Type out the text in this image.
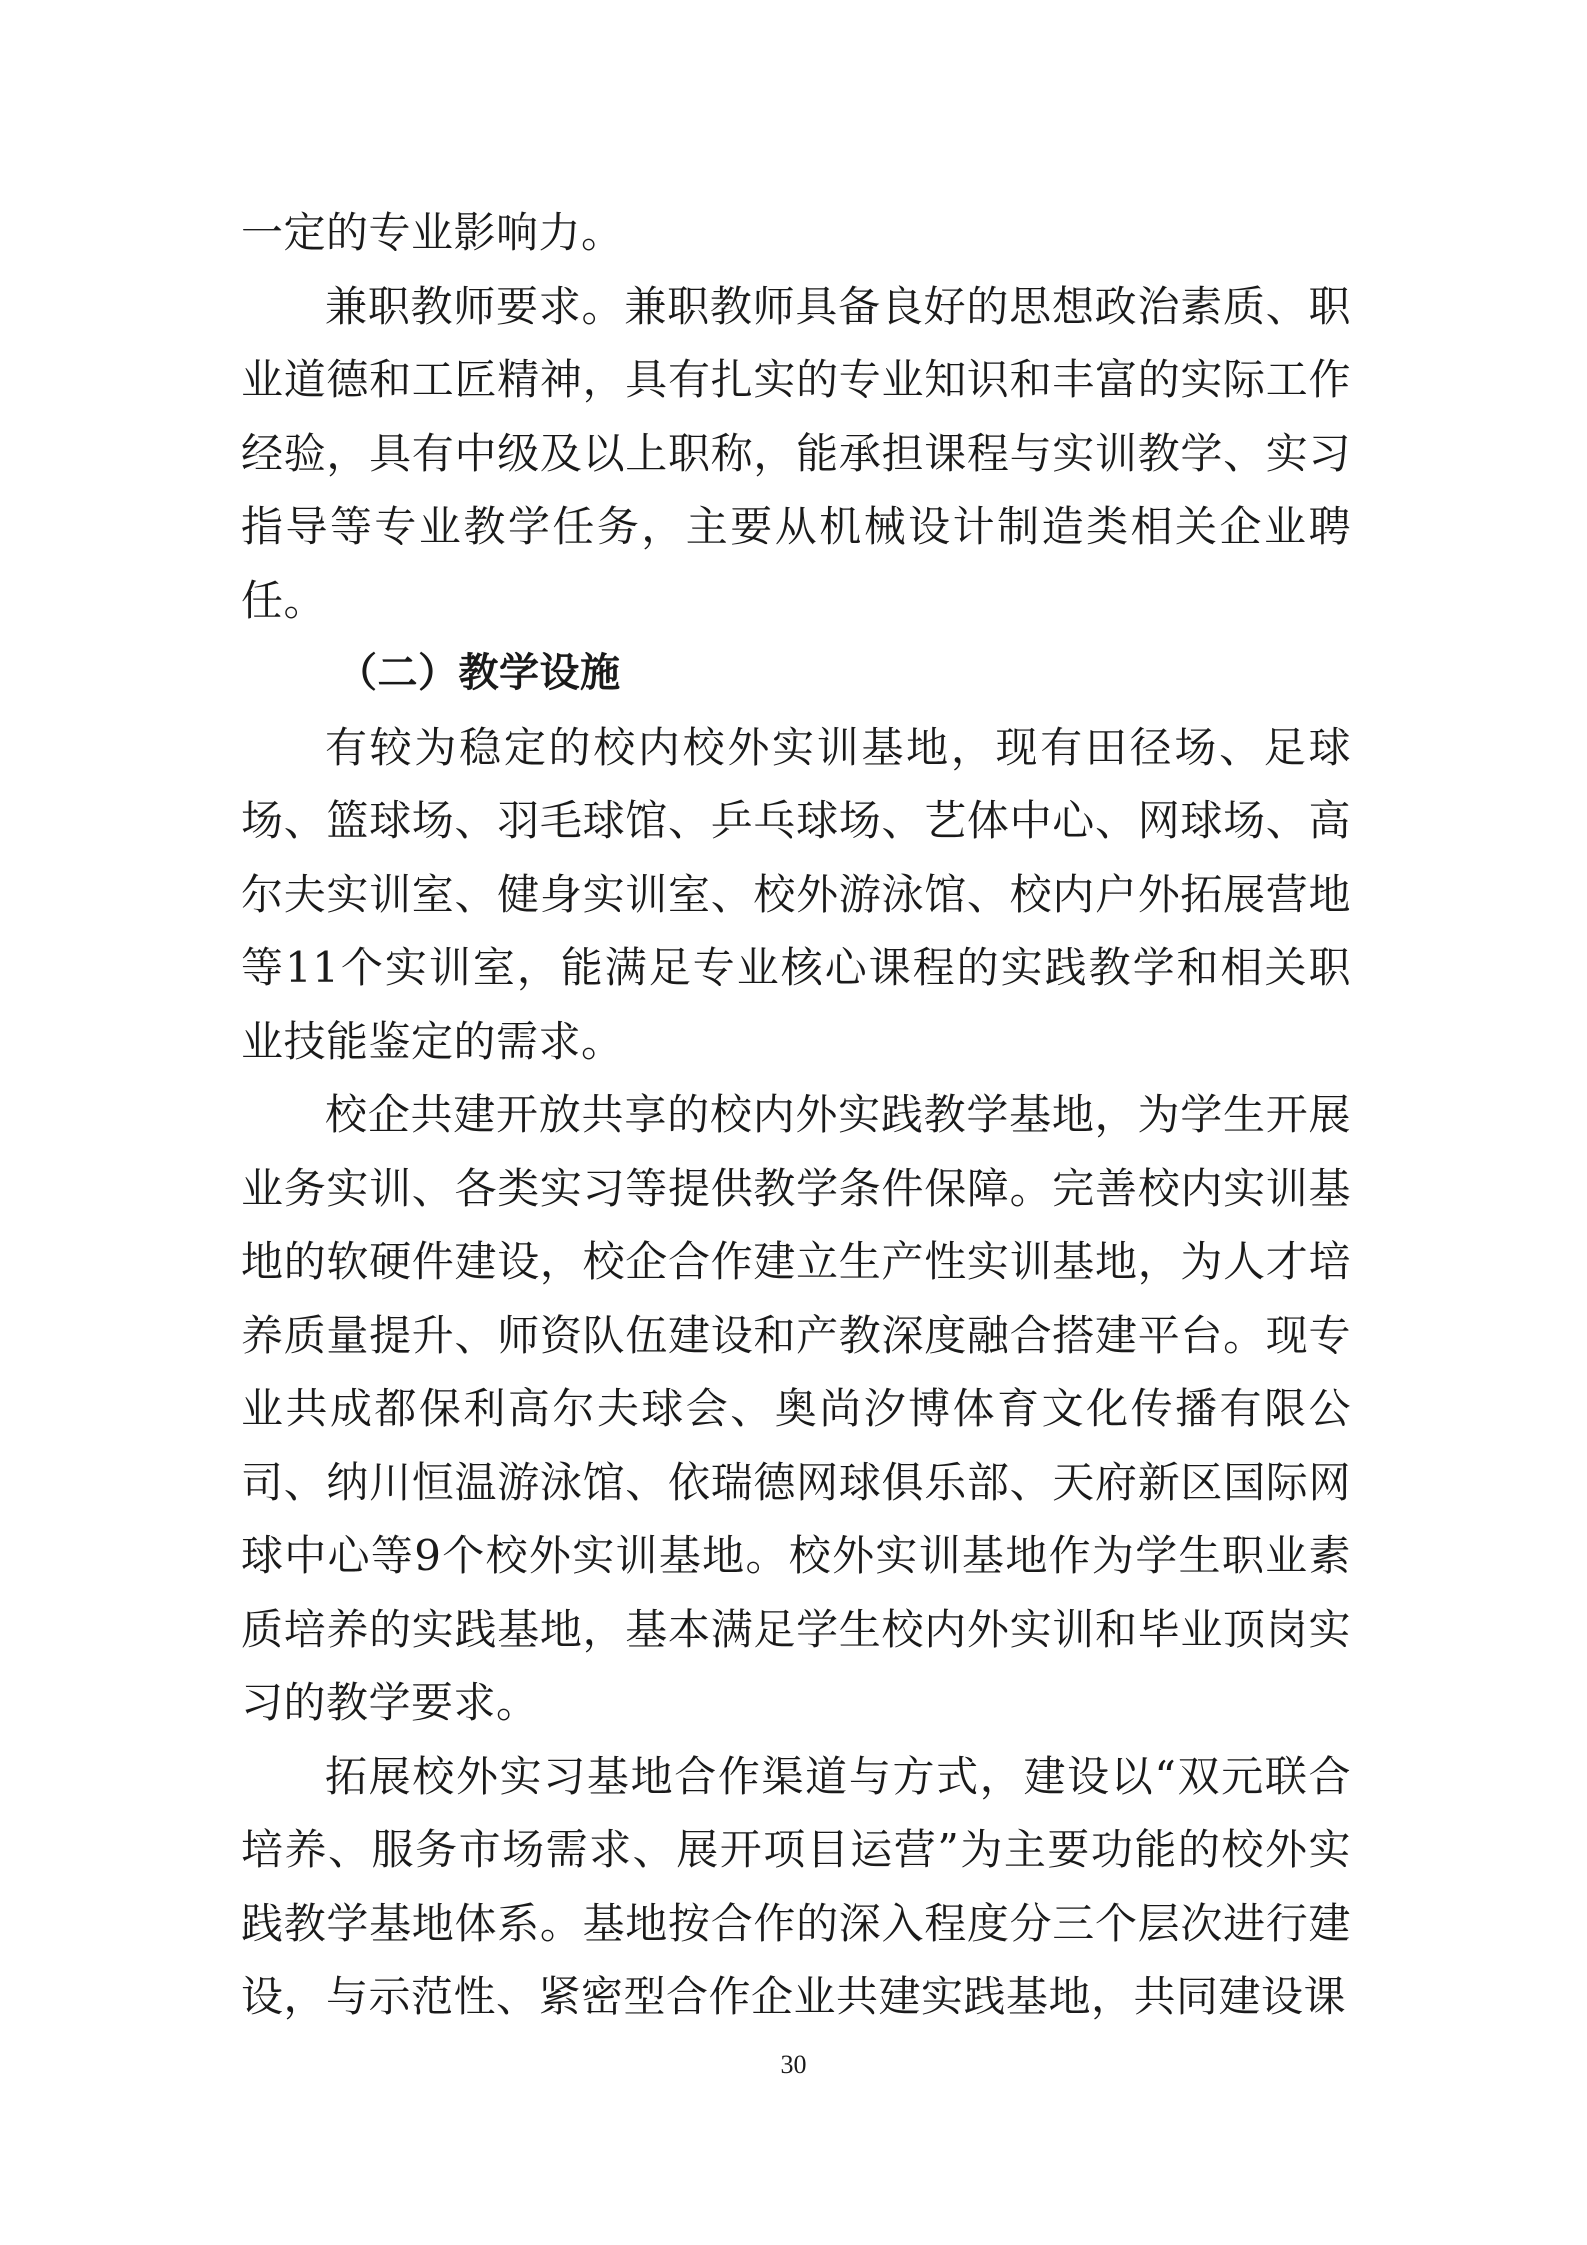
一定的专业影响力。

兼职教师要求。兼职教师具备良好的思想政治素质、职业道德和工匠精神，具有扎实的专业知识和丰富的实际工作经验，具有中级及以上职称，能承担课程与实训教学、实习指导等专业教学任务，主要从机械设计制造类相关企业聘任。

（二）教学设施

有较为稳定的校内校外实训基地，现有田径场、足球场、篮球场、羽毛球馆、乒乓球场、艺体中心、网球场、高尔夫实训室、健身实训室、校外游泳馆、校内户外拓展营地等11个实训室，能满足专业核心课程的实践教学和相关职业技能鉴定的需求。

校企共建开放共享的校内外实践教学基地，为学生开展业务实训、各类实习等提供教学条件保障。完善校内实训基地的软硬件建设，校企合作建立生产性实训基地，为人才培养质量提升、师资队伍建设和产教深度融合搭建平台。现专业共成都保利高尔夫球会、奥尚汐博体育文化传播有限公司、纳川恒温游泳馆、依瑞德网球俱乐部、天府新区国际网球中心等9个校外实训基地。校外实训基地作为学生职业素质培养的实践基地，基本满足学生校内外实训和毕业顶岗实习的教学要求。

拓展校外实习基地合作渠道与方式，建设以“双元联合培养、服务市场需求、展开项目运营”为主要功能的校外实践教学基地体系。基地按合作的深入程度分三个层次进行建设，与示范性、紧密型合作企业共建实践基地，共同建设课

30
